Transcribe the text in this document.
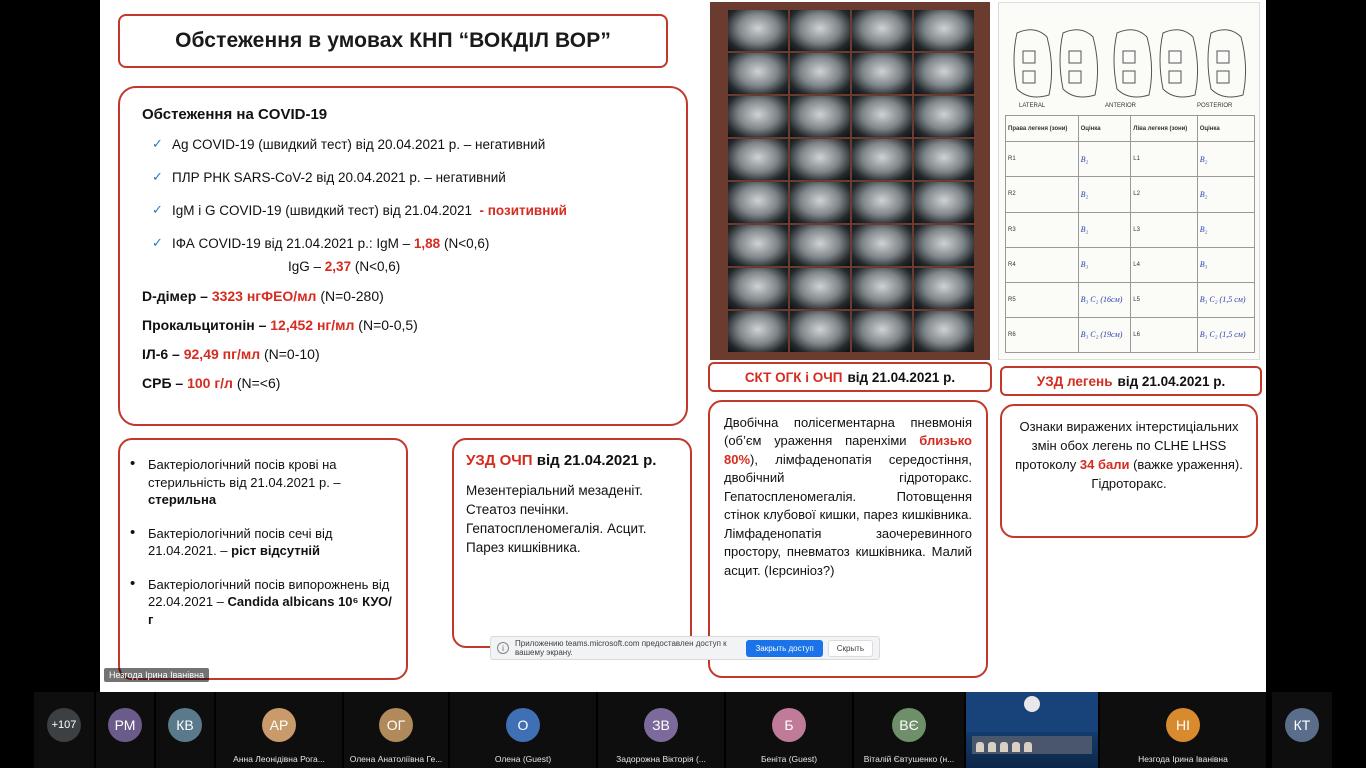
Обстеження в умовах КНП “ВОКДІЛ ВОР”
Обстеження на COVID-19
✓ Ag COVID-19 (швидкий тест) від 20.04.2021 р. – негативний
✓ ПЛР РНК SARS-CoV-2 від 20.04.2021 р. – негативний
✓ IgM i G COVID-19 (швидкий тест) від 21.04.2021 - позитивний
✓ ІФА COVID-19 від 21.04.2021 р.: IgM – 1,88 (N<0,6)
IgG – 2,37 (N<0,6)
D-дімер – 3323 нгФЕО/мл (N=0-280)
Прокальцитонін – 12,452 нг/мл (N=0-0,5)
ІЛ-6 – 92,49 пг/мл (N=0-10)
СРБ – 100 г/л (N=<6)
• Бактеріологічний посів крові на стерильність від 21.04.2021 р. – стерильна
• Бактеріологічний посів сечі від 21.04.2021. – ріст відсутній
• Бактеріологічний посів випорожнень від 22.04.2021 – Candida albicans 10⁶ КУО/г
УЗД ОЧП від 21.04.2021 р.
Мезентеріальний мезаденіт. Стеатоз печінки. Гепатоспленомегалія. Асцит. Парез кишківника.
LATERAL	ANTERIOR	POSTERIOR
Права легеня (зони)	Оцінка	Ліва легеня (зони)	Оцінка
R1	B₂	L1	B₂
R2	B₂	L2	B₂
R3	B₂	L3	B₂
R4	B₃	L4	B₃
R5	B₃ C₂ (16см)	L5	B₃ C₂ (1,5 см)
R6	B₃ C₂ (19см)	L6	B₃ C₂ (1,5 см)
СКТ ОГК і ОЧП від 21.04.2021 р.	УЗД легень від 21.04.2021 р.
Двобічна полісегментарна пневмонія (об’єм ураження паренхіми близько 80%), лімфаденопатія середостіння, двобічний гідроторакс. Гепатоспленомегалія. Потовщення стінок клубової кишки, парез кишківника. Лімфаденопатія заочеревинного простору, пневматоз кишківника. Малий асцит. (Ієрсиніоз?)
Ознаки виражених інтерстиціальних змін обох легень по CLHE LHSS протоколу 34 бали (важке ураження). Гідроторакс.
i
Приложению teams.microsoft.com предоставлен доступ к вашему экрану.	Закрыть доступ	Скрыть
Незгода Ірина Іванівна
+107	РМ	КВ	АР
Анна Леонідівна Рога...
ОГ
Олена Анатоліївна Ге...
О
Олена (Guest)
ЗВ
Задорожна Вікторія (...
Б
Беніта (Guest)
ВЄ
Віталій Євтушенко (н...
НІ
Незгода Ірина Іванівна
КТ
